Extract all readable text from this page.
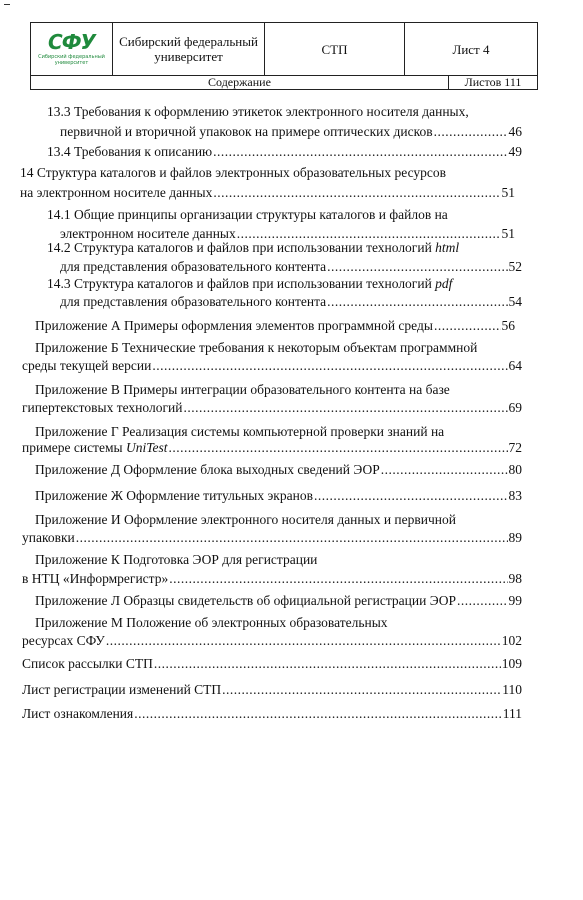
СФУ
Сибирский федеральный университет
Сибирский федеральный университет	СТП	Лист 4
Содержание	Листов 111
13.3 Требования к оформлению этикеток электронного носителя данных,
первичной и вторичной упаковок на примере оптических дисков .....	46
13.4 Требования к описанию .....	49
14 Структура каталогов и файлов электронных образовательных ресурсов
на электронном носителе данных .....	51
14.1 Общие принципы организации структуры каталогов и файлов на
электронном носителе данных .....	51
14.2 Структура каталогов и файлов при использовании технологий html
для представления образовательного контента .....	52
14.3 Структура каталогов и файлов при использовании технологий pdf
для представления образовательного контента .....	54
Приложение А Примеры оформления элементов программной среды .....	56
Приложение Б Технические требования к некоторым объектам программной
среды текущей версии .....	64
Приложение В Примеры интеграции образовательного контента на базе
гипертекстовых технологий .....	69
Приложение Г Реализация системы компьютерной проверки знаний на
примере системы UniTest .....	72
Приложение Д Оформление блока выходных сведений ЭОР .....	80
Приложение Ж Оформление титульных экранов .....	83
Приложение И Оформление электронного носителя данных и первичной
упаковки .....	89
Приложение К Подготовка ЭОР для регистрации
в НТЦ «Информрегистр» .....	98
Приложение Л Образцы свидетельств об официальной регистрации ЭОР .....	99
Приложение М Положение об электронных образовательных
ресурсах СФУ .....	102
Список рассылки СТП .....	109
Лист регистрации изменений СТП .....	110
Лист ознакомления .....	111
